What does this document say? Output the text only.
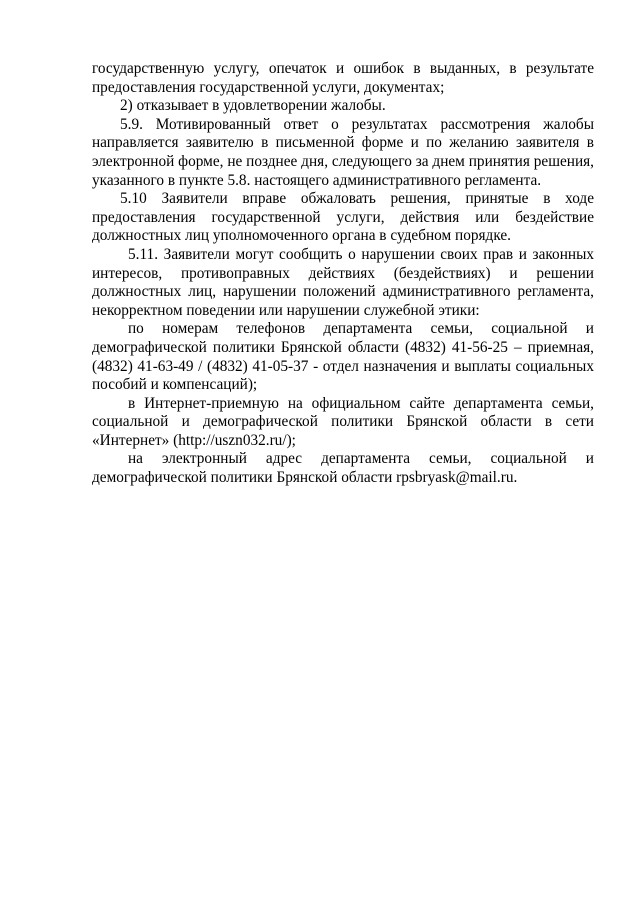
государственную услугу, опечаток и ошибок в выданных, в результате предоставления государственной услуги, документах;

2) отказывает в удовлетворении жалобы.

5.9. Мотивированный ответ о результатах рассмотрения жалобы направляется заявителю в письменной форме и по желанию заявителя в электронной форме, не позднее дня, следующего за днем принятия решения, указанного в пункте 5.8. настоящего административного регламента.

5.10 Заявители вправе обжаловать решения, принятые в ходе предоставления государственной услуги, действия или бездействие должностных лиц уполномоченного органа в судебном порядке.

5.11. Заявители могут сообщить о нарушении своих прав и законных интересов, противоправных действиях (бездействиях) и решении должностных лиц, нарушении положений административного регламента, некорректном поведении или нарушении служебной этики:

по номерам телефонов департамента семьи, социальной и демографической политики Брянской области (4832) 41-56-25 – приемная, (4832) 41-63-49 / (4832) 41-05-37 - отдел назначения и выплаты социальных пособий и компенсаций);

в Интернет-приемную на официальном сайте департамента семьи, социальной и демографической политики Брянской области в сети «Интернет» (http://uszn032.ru/);

на электронный адрес департамента семьи, социальной и демографической политики Брянской области rpsbryask@mail.ru.
